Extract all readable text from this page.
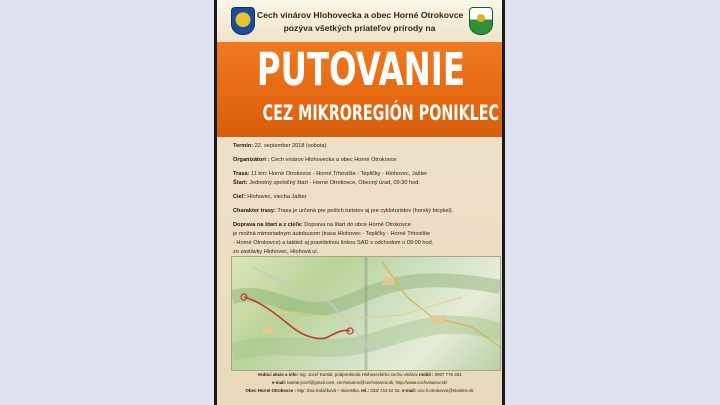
Cech vinárov Hlohovecka a obec Horné Otrokovce
pozýva všetkých priateľov prírody na
PUTOVANIE
CEZ MIKROREGIÓN PONIKLEC
Termín: 22. september 2018 (sobota)
Organizátori : Cech vinárov Hlohovecka a obec Horné Otrokovce
Trasa: 11 km: Horné Otrokovce - Horné Trhovište - Tepličky - Hlohovec, Jašter
Štart: Jednotný spoločný štart - Horné Otrokovce, Obecný úrad, 09:30 hod.
Cieľ: Hlohovec, viecha Jašter
Charakter trasy: Trasa je určená pre peších turistov aj pre cykloturistov (horský bicykel).
Doprava na štart a z cieľa: Doprava na štart do obce Horné Otrokovce
je možná mimoriadnym autobusom (trasa Hlohovec - Tepličky - Horné Trhovište
- Horné Otrokovce) a taktiež aj pravidelnou linkou SAD s odchodom o 09:00 hod.
zo zastávky Hlohovec, Hlohová ul.
Vedúci akcie a info: Ing. Jozef Kantár, podpredseda Hlohoveckého cechu vinárov mobil : 0907 776 334
e-mail: kantar.jozef@gmail.com, cechvinarov@cechvinarov.sk, http://www.cechvinarov.sk/
Obec Horné Otrokovce : Mgr. Eva Kolačková – starostka, tel.: 033/ 744 62 15, e-mail: ocu.h.otrokovce@stonline.sk
